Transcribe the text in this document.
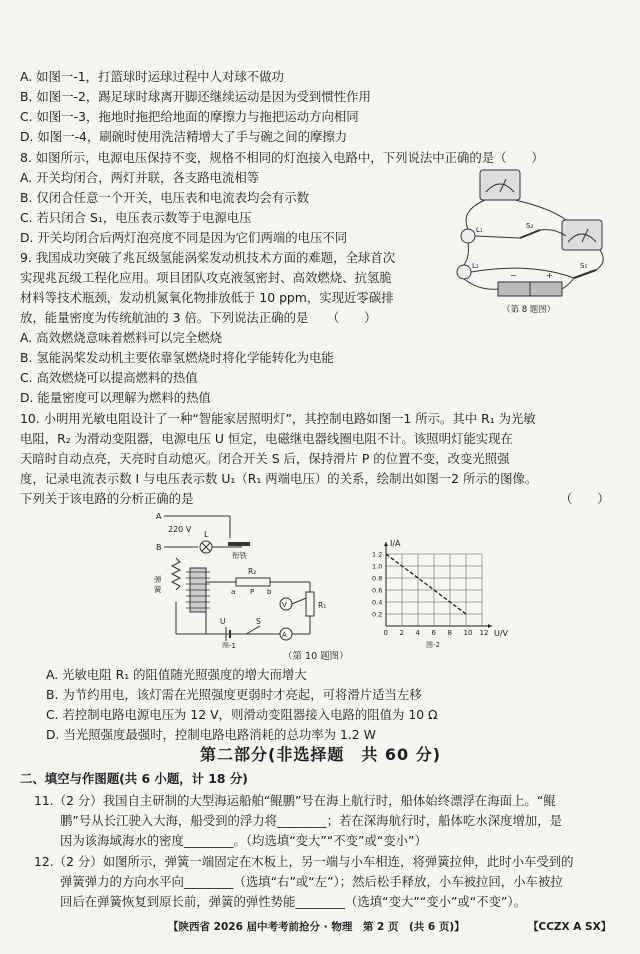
A. 如图一-1，打篮球时运球过程中人对球不做功
B. 如图一-2，踢足球时球离开脚还继续运动是因为受到惯性作用
C. 如图一-3，拖地时拖把给地面的摩擦力与拖把运动方向相同
D. 如图一-4，刷碗时使用洗洁精增大了手与碗之间的摩擦力
8. 如图所示，电源电压保持不变，规格不相同的灯泡接入电路中，下列说法中正确的是（　　）
A. 开关均闭合，两灯并联，各支路电流相等
B. 仅闭合任意一个开关，电压表和电流表均会有示数
C. 若只闭合 S₁，电压表示数等于电源电压
D. 开关均闭合后两灯泡亮度不同是因为它们两端的电压不同	L₁
L₂
S₂
S₁
−	+
（第 8 题图）
9. 我国成功突破了兆瓦级氢能涡桨发动机技术方面的难题，全球首次
实现兆瓦级工程化应用。项目团队攻克液氢密封、高效燃烧、抗氢脆
材料等技术瓶颈，发动机氮氧化物排放低于 10 ppm，实现近零碳排
放，能量密度为传统航油的 3 倍。下列说法正确的是　　（　　）
A. 高效燃烧意味着燃料可以完全燃烧
B. 氢能涡桨发动机主要依靠氢燃烧时将化学能转化为电能
C. 高效燃烧可以提高燃料的热值
D. 能量密度可以理解为燃料的热值
10. 小明用光敏电阻设计了一种“智能家居照明灯”，其控制电路如图一1 所示。其中 R₁ 为光敏
电阻，R₂ 为滑动变阻器，电源电压 U 恒定，电磁继电器线圈电阻不计。该照明灯能实现在
天暗时自动点亮，天亮时自动熄灭。闭合开关 S 后，保持滑片 P 的位置不变，改变光照强
度，记录电流表示数 I 与电压表示数 U₁（R₁ 两端电压）的关系，绘制出如图一2 所示的图像。
下列关于该电路的分析正确的是	（　　）
A
B
220 V
L
衔铁
弹
簧
R₂
a P b
R₁
V
A
U	S
图-1
0 2 4 6 8 10 12
0.2
0.4
0.6
0.8
1.0
1.2
I/A
U/V
图-2
（第 10 题图）
A. 光敏电阻 R₁ 的阻值随光照强度的增大而增大
B. 为节约用电，该灯需在光照强度更弱时才亮起，可将滑片适当左移
C. 若控制电路电源电压为 12 V，则滑动变阻器接入电路的阻值为 10 Ω
D. 当光照强度最强时，控制电路电路消耗的总功率为 1.2 W
第二部分(非选择题　共 60 分)
二、填空与作图题(共 6 小题，计 18 分)
11.（2 分）我国自主研制的大型海运船舶“鲲鹏”号在海上航行时，船体始终漂浮在海面上。“鲲
鹏”号从长江驶入大海，船受到的浮力将________；若在深海航行时，船体吃水深度增加，是
因为该海域海水的密度________。（均选填“变大”“不变”或“变小”）
12.（2 分）如图所示，弹簧一端固定在木板上，另一端与小车相连，将弹簧拉伸，此时小车受到的
弹簧弹力的方向水平向________（选填“右”或“左”）；然后松手释放，小车被拉回，小车被拉
回后在弹簧恢复到原长前，弹簧的弹性势能________（选填“变大”“变小”或“不变”）。
【陕西省 2026 届中考考前抢分 · 物理　第 2 页　(共 6 页)】	【CCZX A SX】
